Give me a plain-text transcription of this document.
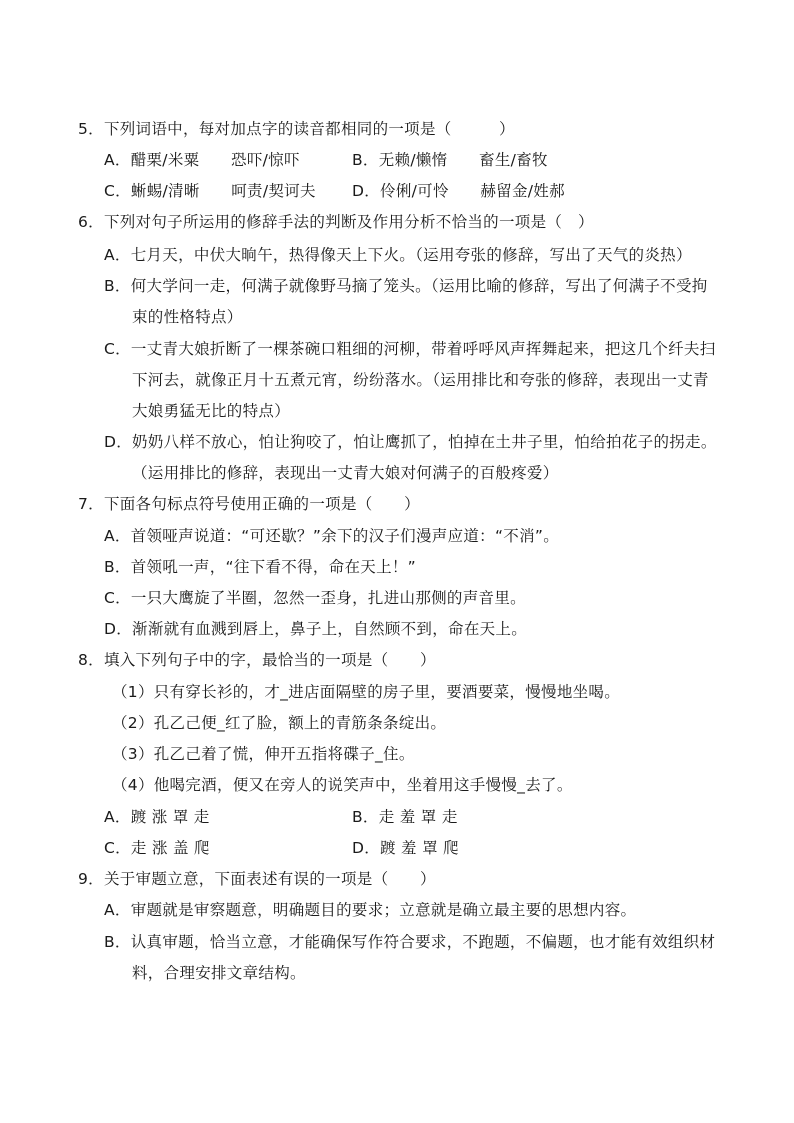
5．下列词语中，每对加点字的读音都相同的一项是（　　　）
A．醋栗/米粟　　恐吓/惊吓	B．无赖/懒惰　　畜生/畜牧
C．蜥蜴/清晰　　呵责/契诃夫 D．伶俐/可怜　　赫留金/姓郝
6．下列对句子所运用的修辞手法的判断及作用分析不恰当的一项是（　）
A．七月天，中伏大晌午，热得像天上下火。（运用夸张的修辞，写出了天气的炎热）
B．何大学问一走，何满子就像野马摘了笼头。（运用比喻的修辞，写出了何满子不受拘
束的性格特点）
C．一丈青大娘折断了一棵茶碗口粗细的河柳，带着呼呼风声挥舞起来，把这几个纤夫扫
下河去，就像正月十五煮元宵，纷纷落水。（运用排比和夸张的修辞，表现出一丈青
大娘勇猛无比的特点）
D．奶奶八样不放心，怕让狗咬了，怕让鹰抓了，怕掉在土井子里，怕给拍花子的拐走。
（运用排比的修辞，表现出一丈青大娘对何满子的百般疼爱）
7．下面各句标点符号使用正确的一项是（　　）
A．首领哑声说道：“可还歇？”余下的汉子们漫声应道：“不消”。
B．首领吼一声，“往下看不得，命在天上！”
C．一只大鹰旋了半圈，忽然一歪身，扎进山那侧的声音里。
D．渐渐就有血溅到唇上，鼻子上，自然顾不到，命在天上。
8．填入下列句子中的字，最恰当的一项是（　　）
（1）只有穿长衫的，才_进店面隔壁的房子里，要酒要菜，慢慢地坐喝。
（2）孔乙己便_红了脸，额上的青筋条条绽出。
（3）孔乙己着了慌，伸开五指将碟子_住。
（4）他喝完酒，便又在旁人的说笑声中，坐着用这手慢慢_去了。
A．踱 涨 罩 走	B．走 羞 罩 走
C．走 涨 盖 爬	D．踱 羞 罩 爬
9．关于审题立意，下面表述有误的一项是（　　）
A．审题就是审察题意，明确题目的要求；立意就是确立最主要的思想内容。
B．认真审题，恰当立意，才能确保写作符合要求，不跑题，不偏题，也才能有效组织材
料，合理安排文章结构。
